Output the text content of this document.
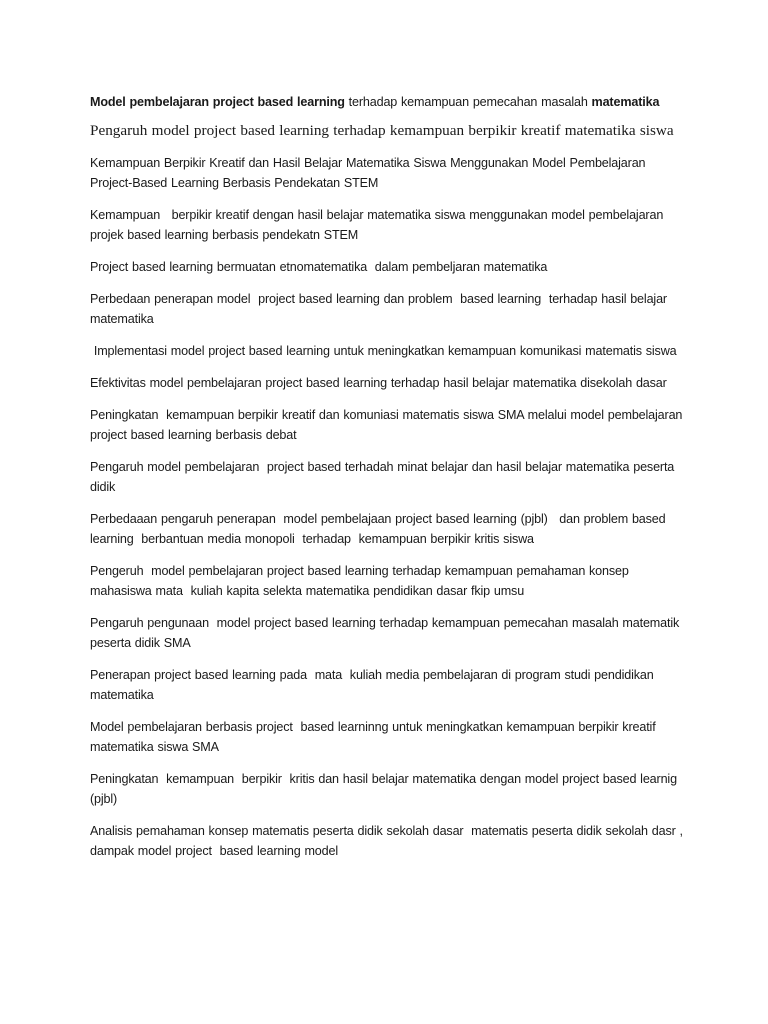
Model pembelajaran project based learning terhadap kemampuan pemecahan masalah matematika

Pengaruh model project based learning terhadap kemampuan berpikir kreatif matematika siswa

Kemampuan Berpikir Kreatif dan Hasil Belajar Matematika Siswa Menggunakan Model Pembelajaran Project-Based Learning Berbasis Pendekatan STEM

Kemampuan   berpikir kreatif dengan hasil belajar matematika siswa menggunakan model pembelajaran projek based learning berbasis pendekatn STEM

Project based learning bermuatan etnomatematika  dalam pembeljaran matematika

Perbedaan penerapan model  project based learning dan problem  based learning  terhadap hasil belajar matematika

Implementasi model project based learning untuk meningkatkan kemampuan komunikasi matematis siswa

Efektivitas model pembelajaran project based learning terhadap hasil belajar matematika disekolah dasar

Peningkatan  kemampuan berpikir kreatif dan komuniasi matematis siswa SMA melalui model pembelajaran project based learning berbasis debat

Pengaruh model pembelajaran  project based terhadah minat belajar dan hasil belajar matematika peserta didik

Perbedaaan pengaruh penerapan  model pembelajaan project based learning (pjbl)   dan problem based learning  berbantuan media monopoli  terhadap  kemampuan berpikir kritis siswa

Pengeruh  model pembelajaran project based learning terhadap kemampuan pemahaman konsep mahasiswa mata  kuliah kapita selekta matematika pendidikan dasar fkip umsu

Pengaruh pengunaan  model project based learning terhadap kemampuan pemecahan masalah matematik  peserta didik SMA

Penerapan project based learning pada  mata  kuliah media pembelajaran di program studi pendidikan matematika

Model pembelajaran berbasis project  based learninng untuk meningkatkan kemampuan berpikir kreatif matematika siswa SMA

Peningkatan  kemampuan  berpikir  kritis dan hasil belajar matematika dengan model project based learnig (pjbl)

Analisis pemahaman konsep matematis peserta didik sekolah dasar  matematis peserta didik sekolah dasr , dampak model project  based learning model
